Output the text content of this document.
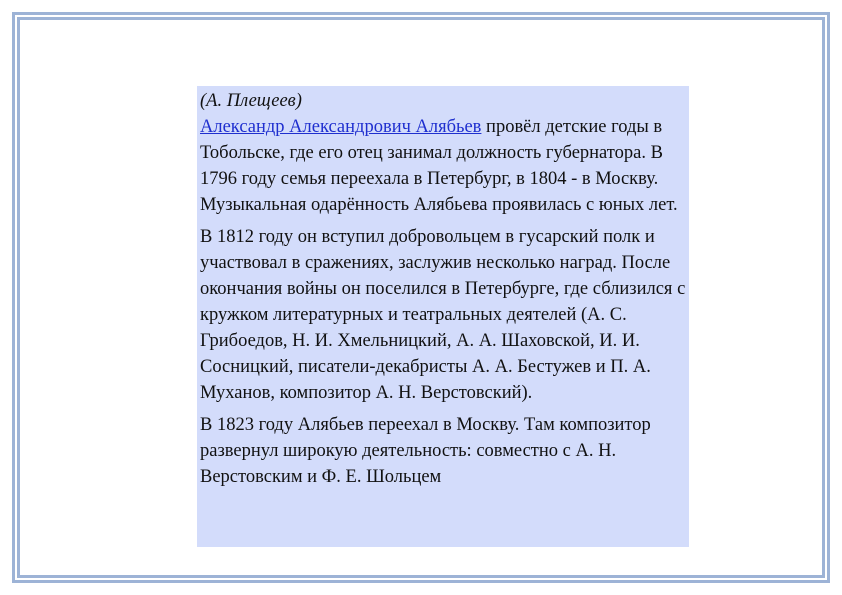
(А. Плещеев)

Александр Александрович Алябьев провёл детские годы в Тобольске, где его отец занимал должность губернатора. В 1796 году семья переехала в Петербург, в 1804 - в Москву. Музыкальная одарённость Алябьева проявилась с юных лет.

В 1812 году он вступил добровольцем в гусарский полк и участвовал в сражениях, заслужив несколько наград. После окончания войны он поселился в Петербурге, где сблизился с кружком литературных и театральных деятелей (А. С. Грибоедов, Н. И. Хмельницкий, А. А. Шаховской, И. И. Сосницкий, писатели-декабристы А. А. Бестужев и П. А. Муханов, композитор А. Н. Верстовский).

В 1823 году Алябьев переехал в Москву. Там композитор развернул широкую деятельность: совместно с А. Н. Верстовским и Ф. Е. Шольцем
